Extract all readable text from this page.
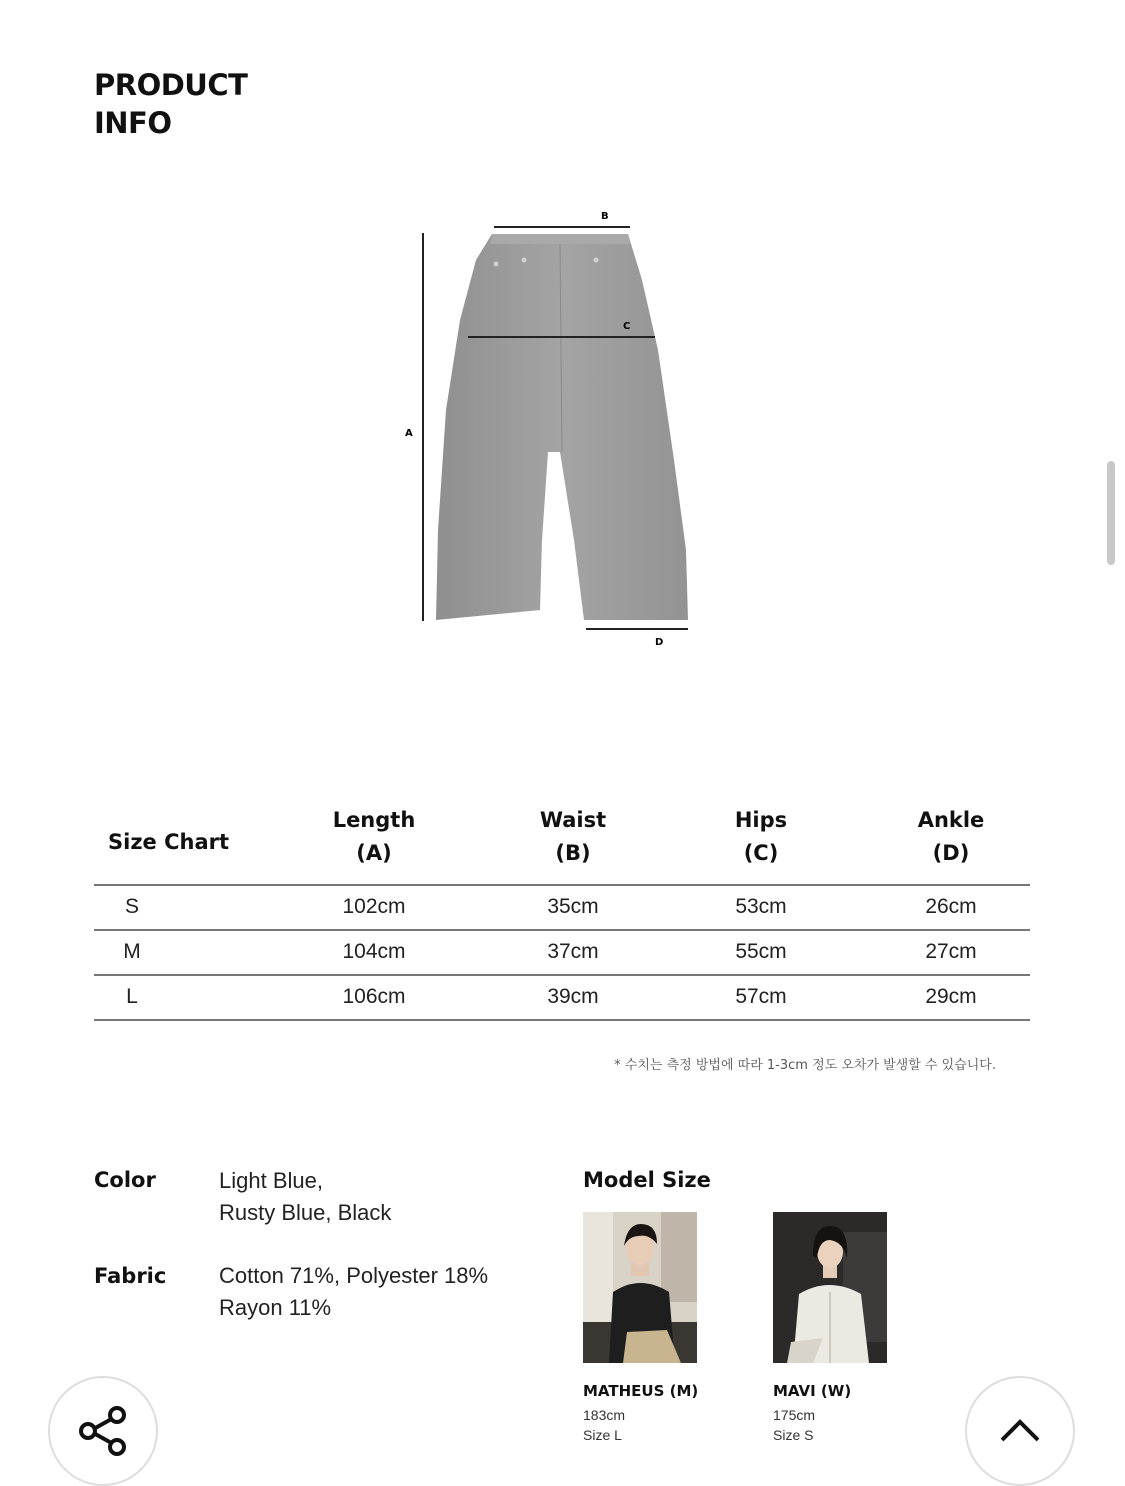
PRODUCT
INFO
A
B
C
D
Size Chart
Length
(A)
Waist
(B)
Hips
(C)
Ankle
(D)
S	102cm	35cm	53cm	26cm
M	104cm	37cm	55cm	27cm
L	106cm	39cm	57cm	29cm
* 수치는 측정 방법에 따라 1-3cm 정도 오차가 발생할 수 있습니다.
Color	Light Blue,
Rusty Blue, Black
Fabric Cotton 71%, Polyester 18%
Rayon 11%
Model Size
MATHEUS (M)
183cm
Size L
MAVI (W)
175cm
Size S
